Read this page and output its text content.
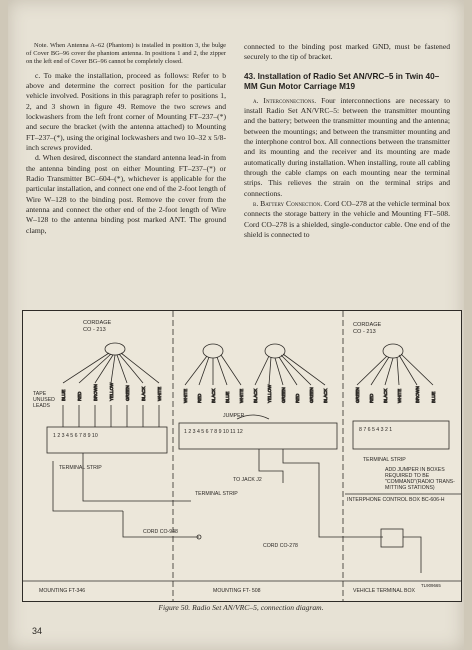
Note. When Antenna A–62 (Phantom) is installed in position 3, the bulge of Cover BG–96 cover the phantom antenna. In positions 1 and 2, the zipper on the left end of Cover BG–96 cannot be completely closed.

c. To make the installation, proceed as follows: Refer to b above and determine the correct position for the particular vehicle involved. Positions in this paragraph refer to positions 1, 2, and 3 shown in figure 49. Remove the two screws and lockwashers from the left front corner of Mounting FT–237–(*) and secure the bracket (with the antenna attached) to Mounting FT–237–(*), using the original lockwashers and two 10–32 x 5/8-inch screws provided.

d. When desired, disconnect the standard antenna lead-in from the antenna binding post on either Mounting FT–237–(*) or Radio Transmitter BC–604–(*), whichever is applicable for the particular installation, and connect one end of the 2-foot length of Wire W–128 to the binding post. Remove the cover from the antenna and connect the other end of the 2-foot length of Wire W–128 to the antenna binding post marked ANT. The ground clamp,

connected to the binding post marked GND, must be fastened securely to the tip of bracket.

43. Installation of Radio Set AN/VRC–5 in Twin 40–MM Gun Motor Carriage M19

a. Interconnections. Four interconnections are necessary to install Radio Set AN/VRC–5: between the transmitter mounting and the battery; between the transmitter mounting and the antenna; between the mountings; and between the transmitter mounting and the interphone control box. All connections between the transmitter and its mounting and the receiver and its mounting are made automatically during installation. When installing, route all cabling through the cable clamps on each mounting near the terminal strips. This relieves the strain on the terminal strips and connections.

b. Battery Connection. Cord CO–278 at the vehicle terminal box connects the storage battery in the vehicle and Mounting FT–508. Cord CO–278 is a shielded, single-conductor cable. One end of the shield is connected to

BLUE	RED	BROWN	YELLOW	GREEN	BLACK	WHITE
CORDAGE
CO - 213
TAPE
UNUSED
LEADS
1 2 3 4 5 6 7 8 9 10
TERMINAL STRIP
WHITE RED BLACK BLUE WHITE BLACK YELLOW GREEN RED GREEN BLACK
JUMPER
1 2 3 4 5 6 7 8 9 10 11 12
TO JACK J2
TERMINAL STRIP
CORD CO-948
CORD CO-278
GREEN RED BLACK WHITE	BROWN	BLUE
CORDAGE
CO - 213
8 7 6 5 4 3 2 1
TERMINAL STRIP
ADD JUMPER IN BOXES
REQUIRED TO BE
"COMMAND"(RADIO TRANS-
MITTING STATIONS)
INTERPHONE CONTROL BOX BC-606-H
MOUNTING FT-346	MOUNTING FT- 508	VEHICLE TERMINAL BOX
TL909665
Figure 50. Radio Set AN/VRC–5, connection diagram.
34
